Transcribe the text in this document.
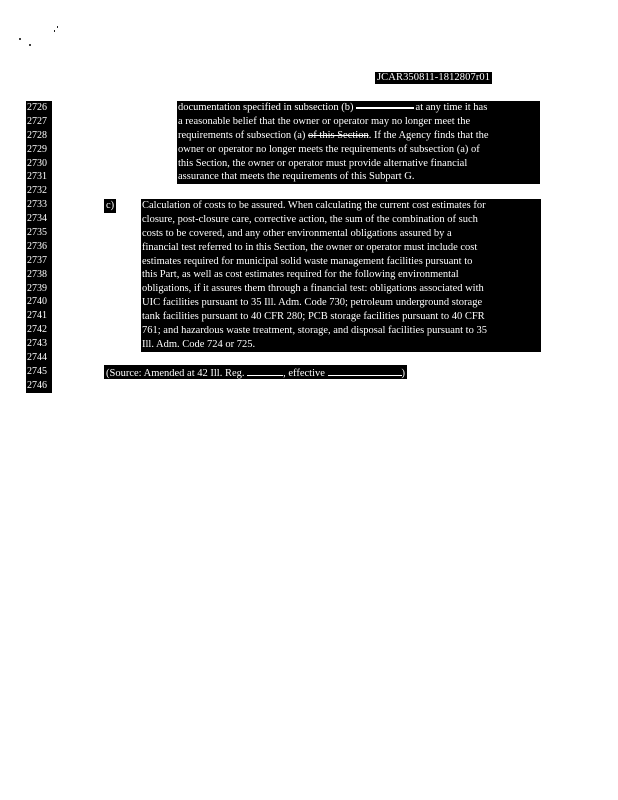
JCAR350811-1812807r01
2726
2727
2728
2729
2730
2731
2732
2733
2734
2735
2736
2737
2738
2739
2740
2741
2742
2743
2744
2745
2746
documentation specified in subsection (b)	at any time it has
a reasonable belief that the owner or operator may no longer meet the
requirements of subsection (a) of this Section. If the Agency finds that the
owner or operator no longer meets the requirements of subsection (a) of
this Section, the owner or operator must provide alternative financial
assurance that meets the requirements of this Subpart G.
c)	Calculation of costs to be assured. When calculating the current cost estimates for
closure, post-closure care, corrective action, the sum of the combination of such
costs to be covered, and any other environmental obligations assured by a
financial test referred to in this Section, the owner or operator must include cost
estimates required for municipal solid waste management facilities pursuant to
this Part, as well as cost estimates required for the following environmental
obligations, if it assures them through a financial test: obligations associated with
UIC facilities pursuant to 35 Ill. Adm. Code 730; petroleum underground storage
tank facilities pursuant to 40 CFR 280; PCB storage facilities pursuant to 40 CFR
761; and hazardous waste treatment, storage, and disposal facilities pursuant to 35
Ill. Adm. Code 724 or 725.
(Source: Amended at 42 Ill. Reg.	, effective	)
